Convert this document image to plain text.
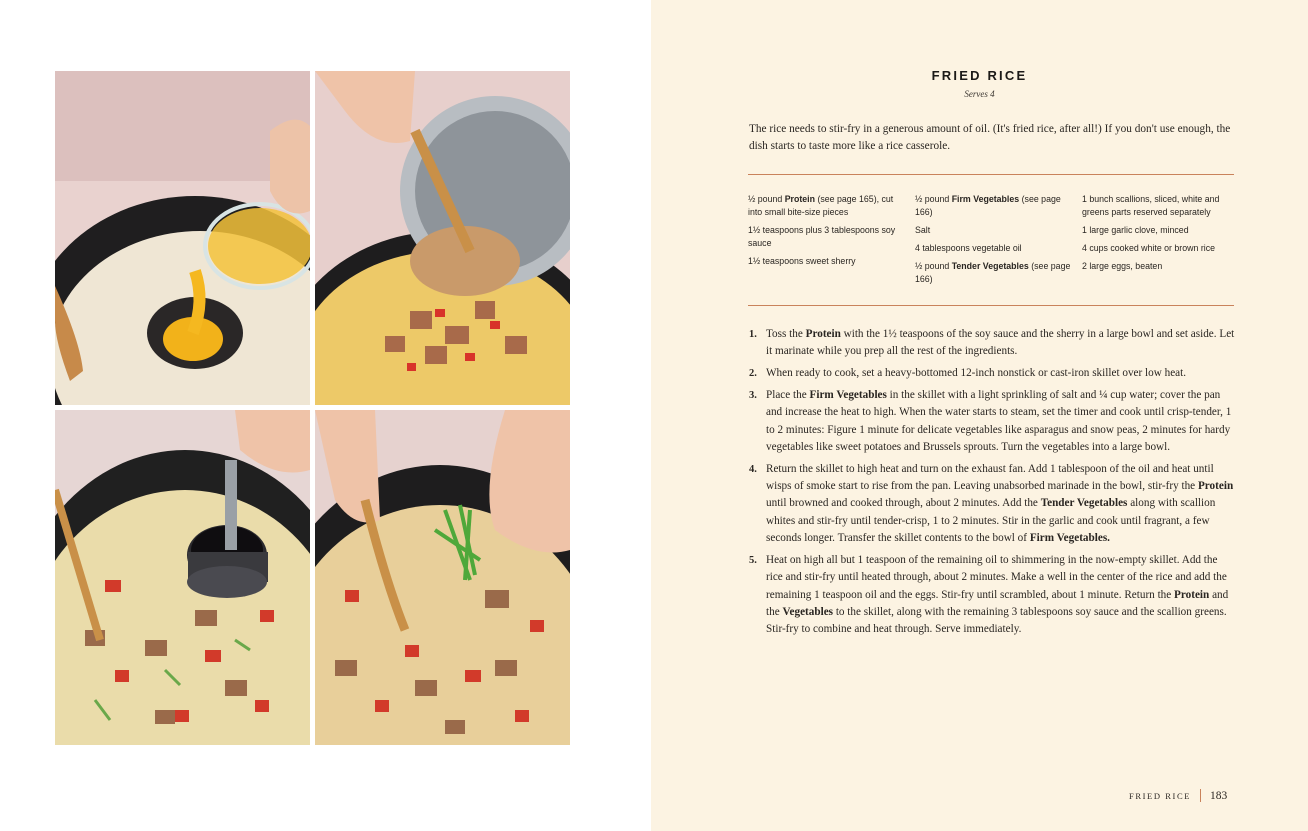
FRIED RICE
Serves 4

The rice needs to stir-fry in a generous amount of oil. (It's fried rice, after all!) If you don't use enough, the dish starts to taste more like a rice casserole.

½ pound Protein (see page 165), cut into small bite-size pieces
1½ teaspoons plus 3 tablespoons soy sauce
1½ teaspoons sweet sherry
½ pound Firm Vegetables (see page 166)
Salt
4 tablespoons vegetable oil
½ pound Tender Vegetables (see page 166)
1 bunch scallions, sliced, white and greens parts reserved separately
1 large garlic clove, minced
4 cups cooked white or brown rice
2 large eggs, beaten
1. Toss the Protein with the 1½ teaspoons of the soy sauce and the sherry in a large bowl and set aside. Let it marinate while you prep all the rest of the ingredients.
2. When ready to cook, set a heavy-bottomed 12-inch nonstick or cast-iron skillet over low heat.
3. Place the Firm Vegetables in the skillet with a light sprinkling of salt and ¼ cup water; cover the pan and increase the heat to high. When the water starts to steam, set the timer and cook until crisp-tender, 1 to 2 minutes: Figure 1 minute for delicate vegetables like asparagus and snow peas, 2 minutes for hardy vegetables like sweet potatoes and Brussels sprouts. Turn the vegetables into a large bowl.
4. Return the skillet to high heat and turn on the exhaust fan. Add 1 tablespoon of the oil and heat until wisps of smoke start to rise from the pan. Leaving unabsorbed marinade in the bowl, stir-fry the Protein until browned and cooked through, about 2 minutes. Add the Tender Vegetables along with scallion whites and stir-fry until tender-crisp, 1 to 2 minutes. Stir in the garlic and cook until fragrant, a few seconds longer. Transfer the skillet contents to the bowl of Firm Vegetables.
5. Heat on high all but 1 teaspoon of the remaining oil to shimmering in the now-empty skillet. Add the rice and stir-fry until heated through, about 2 minutes. Make a well in the center of the rice and add the remaining 1 teaspoon oil and the eggs. Stir-fry until scrambled, about 1 minute. Return the Protein and the Vegetables to the skillet, along with the remaining 3 tablespoons soy sauce and the scallion greens. Stir-fry to combine and heat through. Serve immediately.
FRIED RICE 183
